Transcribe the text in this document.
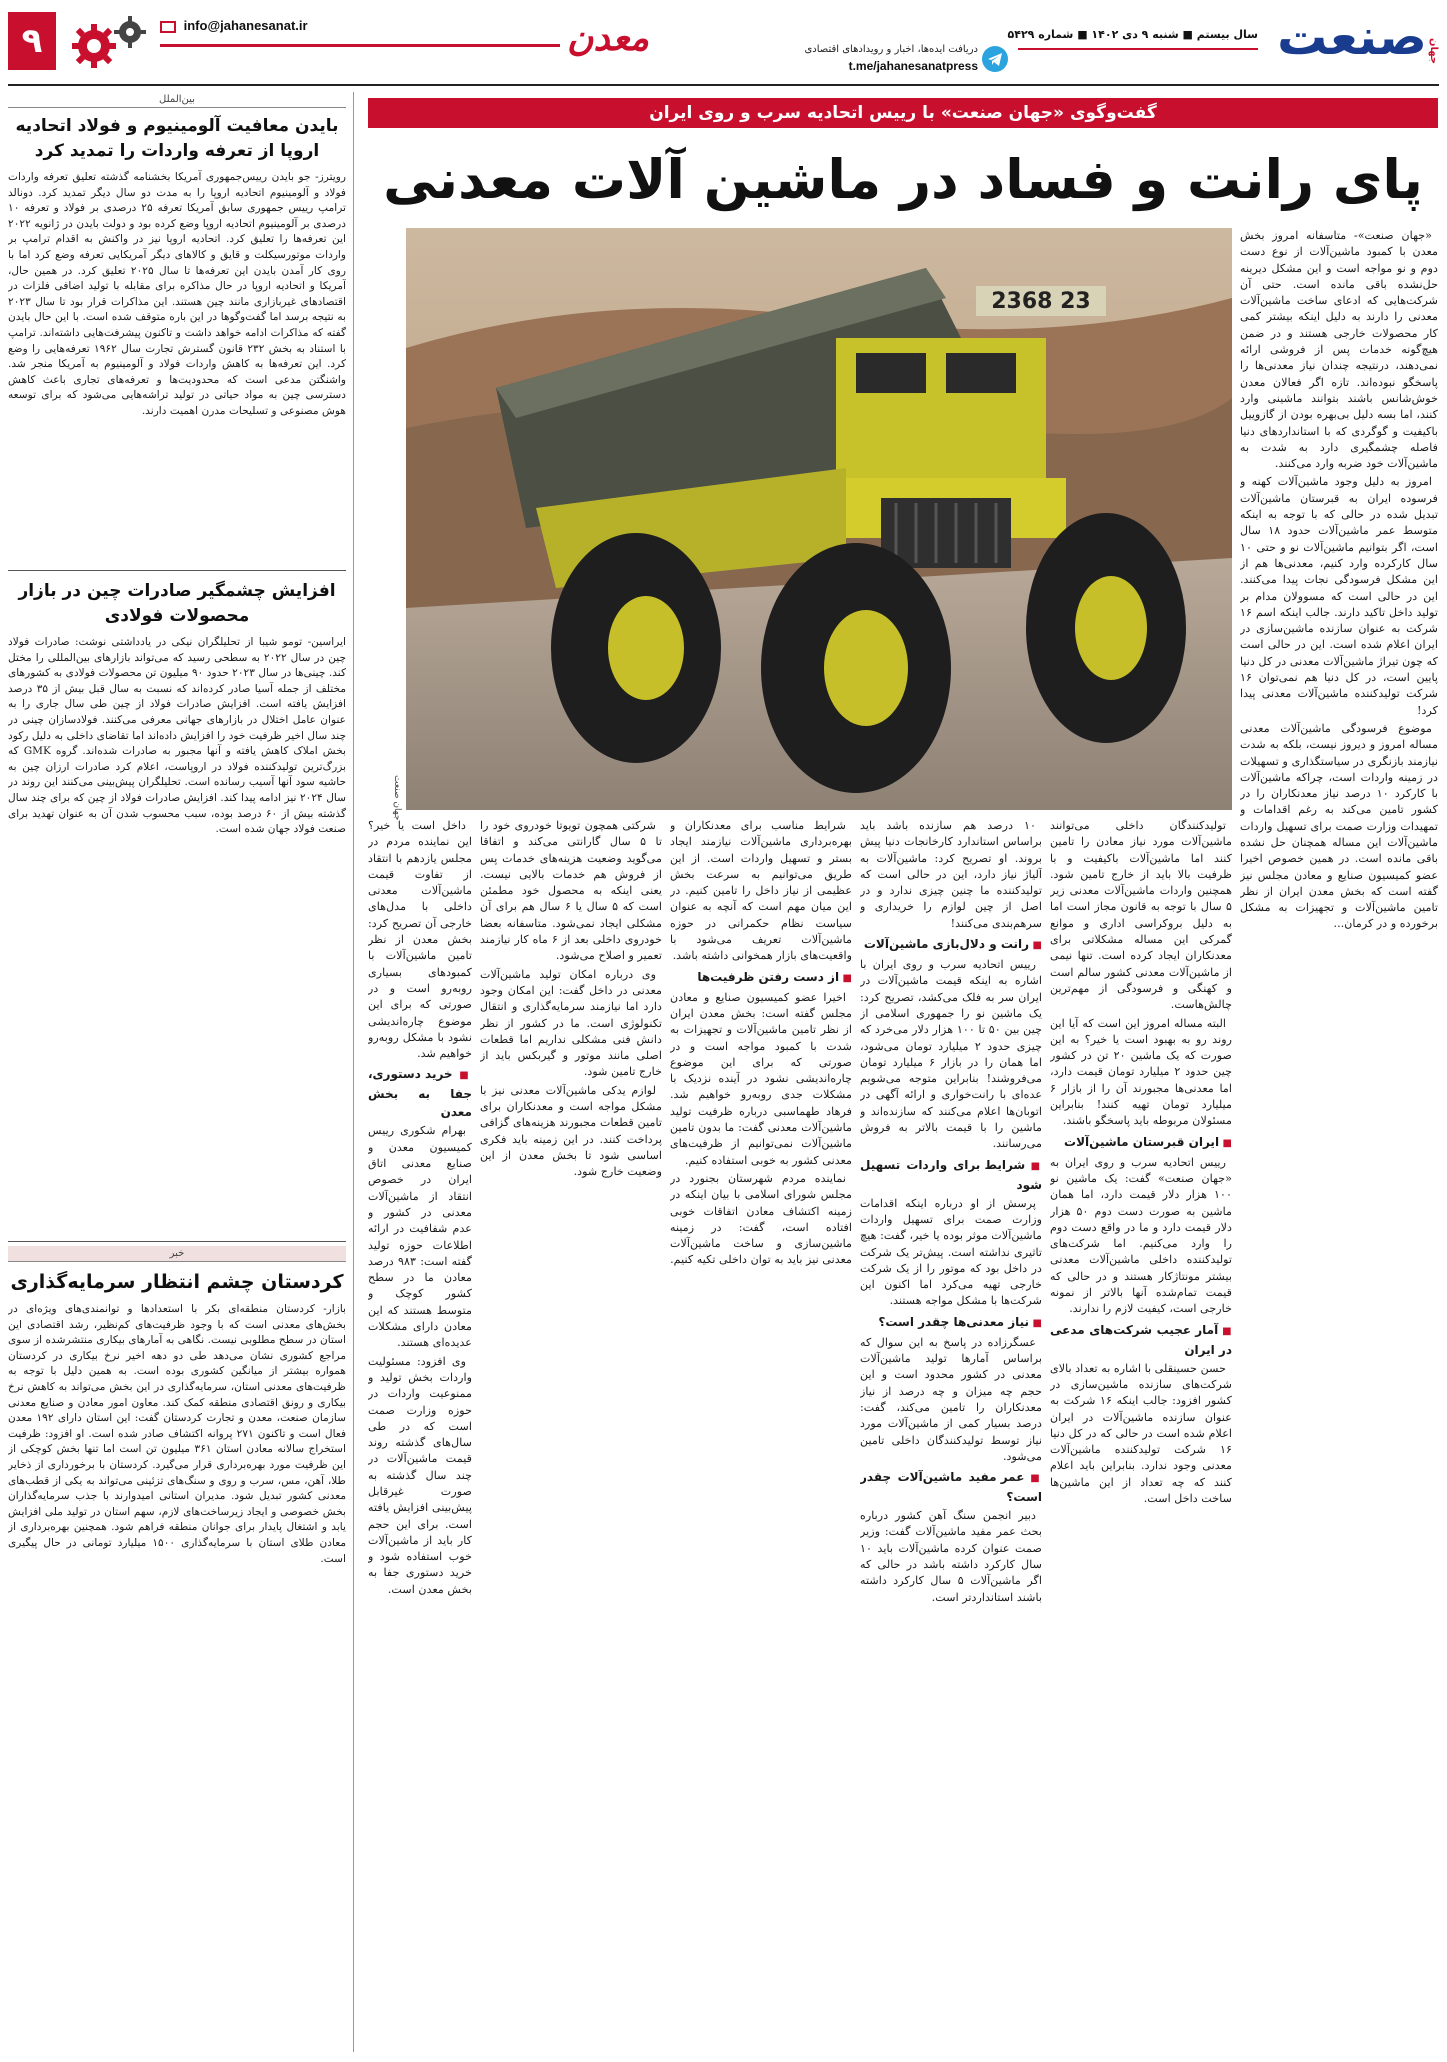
۹	info@jahanesanat.ir	معدن	دریافت ایده‌ها، اخبار و رویدادهای اقتصادی
t.me/jahanesanatpress
سال بیستم ■ شنبه ۹ دی ۱۴۰۲ ■ شماره ۵۴۲۹ صنعت جهان
بین‌الملل
بایدن معافیت آلومینیوم و فولاد اتحادیه اروپا از تعرفه واردات را تمدید کرد

رویترز- جو بایدن رییس‌جمهوری آمریکا بخشنامه گذشته تعلیق تعرفه واردات فولاد و آلومینیوم اتحادیه اروپا را به مدت دو سال دیگر تمدید کرد. دونالد ترامپ رییس جمهوری سابق آمریکا تعرفه ۲۵ درصدی بر فولاد و تعرفه ۱۰ درصدی بر آلومینیوم اتحادیه اروپا وضع کرده بود و دولت بایدن در ژانویه ۲۰۲۲ این تعرفه‌ها را تعلیق کرد. اتحادیه اروپا نیز در واکنش به اقدام ترامپ بر واردات موتورسیکلت و قایق و کالاهای دیگر آمریکایی تعرفه وضع کرد اما با روی کار آمدن بایدن این تعرفه‌ها تا سال ۲۰۲۵ تعلیق کرد. در همین حال، آمریکا و اتحادیه اروپا در حال مذاکره برای مقابله با تولید اضافی فلزات در اقتصادهای غیربازاری مانند چین هستند. این مذاکرات قرار بود تا سال ۲۰۲۳ به نتیجه برسد اما گفت‌وگوها در این باره متوقف شده است. با این حال بایدن گفته که مذاکرات ادامه خواهد داشت و تاکنون پیشرفت‌هایی داشته‌اند. ترامپ با استناد به بخش ۲۳۲ قانون گسترش تجارت سال ۱۹۶۲ تعرفه‌هایی را وضع کرد. این تعرفه‌ها به کاهش واردات فولاد و آلومینیوم به آمریکا منجر شد. واشنگتن مدعی است که محدودیت‌ها و تعرفه‌های تجاری باعث کاهش دسترسی چین به مواد حیاتی در تولید تراشه‌هایی می‌شود که برای توسعه هوش مصنوعی و تسلیحات مدرن اهمیت دارند.

افزایش چشمگیر صادرات چین در بازار محصولات فولادی

ایراسین- تومو شیبا از تحلیلگران نیکی در یادداشتی نوشت: صادرات فولاد چین در سال ۲۰۲۲ به سطحی رسید که می‌تواند بازارهای بین‌المللی را مختل کند. چینی‌ها در سال ۲۰۲۳ حدود ۹۰ میلیون تن محصولات فولادی به کشورهای مختلف از جمله آسیا صادر کرده‌اند که نسبت به سال قبل بیش از ۳۵ درصد افزایش یافته است. افزایش صادرات فولاد از چین طی سال جاری را به عنوان عامل اختلال در بازارهای جهانی معرفی می‌کنند. فولادسازان چینی در چند سال اخیر ظرفیت خود را افزایش داده‌اند اما تقاضای داخلی به دلیل رکود بخش املاک کاهش یافته و آنها مجبور به صادرات شده‌اند. گروه GMK که بزرگ‌ترین تولیدکننده فولاد در اروپاست، اعلام کرد صادرات ارزان چین به حاشیه سود آنها آسیب رسانده است. تحلیلگران پیش‌بینی می‌کنند این روند در سال ۲۰۲۴ نیز ادامه پیدا کند. افزایش صادرات فولاد از چین که برای چند سال گذشته بیش از ۶۰ درصد بوده، سبب محسوب شدن آن به عنوان تهدید برای صنعت فولاد جهان شده است.

خبر
کردستان چشم انتظار سرمایه‌گذاری

بازار- کردستان منطقه‌ای بکر با استعدادها و توانمندی‌های ویژه‌ای در بخش‌های معدنی است که با وجود ظرفیت‌های کم‌نظیر، رشد اقتصادی این استان در سطح مطلوبی نیست. نگاهی به آمارهای بیکاری منتشرشده از سوی مراجع کشوری نشان می‌دهد طی دو دهه اخیر نرخ بیکاری در کردستان همواره بیشتر از میانگین کشوری بوده است. به همین دلیل با توجه به ظرفیت‌های معدنی استان، سرمایه‌گذاری در این بخش می‌تواند به کاهش نرخ بیکاری و رونق اقتصادی منطقه کمک کند. معاون امور معادن و صنایع معدنی سازمان صنعت، معدن و تجارت کردستان گفت: این استان دارای ۱۹۲ معدن فعال است و تاکنون ۲۷۱ پروانه اکتشاف صادر شده است. او افزود: ظرفیت استخراج سالانه معادن استان ۳۶۱ میلیون تن است اما تنها بخش کوچکی از این ظرفیت مورد بهره‌برداری قرار می‌گیرد. کردستان با برخورداری از ذخایر طلا، آهن، مس، سرب و روی و سنگ‌های تزئینی می‌تواند به یکی از قطب‌های معدنی کشور تبدیل شود. مدیران استانی امیدوارند با جذب سرمایه‌گذاران بخش خصوصی و ایجاد زیرساخت‌های لازم، سهم استان در تولید ملی افزایش یابد و اشتغال پایدار برای جوانان منطقه فراهم شود. همچنین بهره‌برداری از معادن طلای استان با سرمایه‌گذاری ۱۵۰۰ میلیارد تومانی در حال پیگیری است.

گفت‌وگوی «جهان صنعت» با رییس اتحادیه سرب و روی ایران
پای رانت و فساد در ماشین آلات معدنی

«جهان صنعت»- متاسفانه امروز بخش معدن با کمبود ماشین‌آلات از نوع دست دوم و نو مواجه است و این مشکل دیرینه حل‌نشده باقی مانده است. حتی آن شرکت‌هایی که ادعای ساخت ماشین‌آلات معدنی را دارند به دلیل اینکه بیشتر کمی کار محصولات خارجی هستند و در ضمن هیچ‌گونه خدمات پس از فروشی ارائه نمی‌دهند، درنتیجه چندان نیاز معدنی‌ها را پاسخگو نبوده‌اند. تازه اگر فعالان معدن خوش‌شانس باشند بتوانند ماشینی وارد کنند، اما بسه دلیل بی‌بهره بودن از گازوییل باکیفیت و گوگردی که با استانداردهای دنیا فاصله چشمگیری دارد به شدت به ماشین‌آلات خود ضربه وارد می‌کنند.

امروز به دلیل وجود ماشین‌آلات کهنه و فرسوده ایران به قبرستان ماشین‌آلات تبدیل شده در حالی که با توجه به اینکه متوسط عمر ماشین‌آلات حدود ۱۸ سال است، اگر بتوانیم ماشین‌آلات نو و حتی ۱۰ سال کارکرده وارد کنیم، معدنی‌ها هم از این مشکل فرسودگی نجات پیدا می‌کنند. این در حالی است که مسوولان مدام بر تولید داخل تاکید دارند. جالب اینکه اسم ۱۶ شرکت به عنوان سازنده ماشین‌سازی در ایران اعلام شده است. این در حالی است که چون تیراژ ماشین‌آلات معدنی در کل دنیا پایین است، در کل دنیا هم نمی‌توان ۱۶ شرکت تولیدکننده ماشین‌آلات معدنی پیدا کرد!

موضوع فرسودگی ماشین‌آلات معدنی مساله امروز و دیروز نیست، بلکه به شدت نیازمند بازنگری در سیاستگذاری و تسهیلات در زمینه واردات است، چراکه ماشین‌آلات با کارکرد ۱۰ درصد نیاز معدنکاران را در کشور تامین می‌کند به رغم اقدامات و تمهیدات وزارت صمت برای تسهیل واردات ماشین‌آلات این مساله همچنان حل نشده باقی مانده است. در همین خصوص اخیرا عضو کمیسیون صنایع و معادن مجلس نیز گفته است که بخش معدن ایران از نظر تامین ماشین‌آلات و تجهیزات به مشکل برخورده و در کرمان...

2368 23
جهان صنعت

تولیدکنندگان داخلی می‌توانند ماشین‌آلات مورد نیاز معادن را تامین کنند اما ماشین‌آلات باکیفیت و با ظرفیت بالا باید از خارج تامین شود. همچنین واردات ماشین‌آلات معدنی زیر ۵ سال با توجه به قانون مجاز است اما به دلیل بروکراسی اداری و موانع گمرکی این مساله مشکلاتی برای معدنکاران ایجاد کرده است. تنها نیمی از ماشین‌آلات معدنی کشور سالم است و کهنگی و فرسودگی از مهم‌ترین چالش‌هاست.

البته مساله امروز این است که آیا این روند رو به بهبود است یا خیر؟ به این صورت که یک ماشین ۲۰ تن در کشور چین حدود ۲ میلیارد تومان قیمت دارد، اما معدنی‌ها مجبورند آن را از بازار ۶ میلیارد تومان تهیه کنند! بنابراین مسئولان مربوطه باید پاسخگو باشند.

■ ایران قبرستان ماشین‌آلات

رییس اتحادیه سرب و روی ایران به «جهان صنعت» گفت: یک ماشین نو ۱۰۰ هزار دلار قیمت دارد، اما همان ماشین به صورت دست دوم ۵۰ هزار دلار قیمت دارد و ما در واقع دست دوم را وارد می‌کنیم. اما شرکت‌های تولیدکننده داخلی ماشین‌آلات معدنی بیشتر مونتاژکار هستند و در حالی که قیمت تمام‌شده آنها بالاتر از نمونه خارجی است، کیفیت لازم را ندارند.

■ آمار عجیب شرکت‌های مدعی در ایران

حسن حسینقلی با اشاره به تعداد بالای شرکت‌های سازنده ماشین‌سازی در کشور افزود: جالب اینکه ۱۶ شرکت به عنوان سازنده ماشین‌آلات در ایران اعلام شده است در حالی که در کل دنیا ۱۶ شرکت تولیدکننده ماشین‌آلات معدنی وجود ندارد. بنابراین باید اعلام کنند که چه تعداد از این ماشین‌ها ساخت داخل است.

۱۰ درصد هم سازنده باشد باید براساس استاندارد کارخانجات دنیا پیش بروند. او تصریح کرد: ماشین‌آلات به آلیاژ نیاز دارد، این در حالی است که تولیدکننده ما چنین چیزی ندارد و در اصل از چین لوازم را خریداری و سرهم‌بندی می‌کنند!

■ رانت و دلال‌بازی ماشین‌آلات

رییس اتحادیه سرب و روی ایران با اشاره به اینکه قیمت ماشین‌آلات در ایران سر به فلک می‌کشد، تصریح کرد: یک ماشین نو را جمهوری اسلامی از چین بین ۵۰ تا ۱۰۰ هزار دلار می‌خرد که چیزی حدود ۲ میلیارد تومان می‌شود، اما همان را در بازار ۶ میلیارد تومان می‌فروشند! بنابراین متوجه می‌شویم عده‌ای با رانت‌خواری و ارائه آگهی در اتوبان‌ها اعلام می‌کنند که سازنده‌اند و ماشین را با قیمت بالاتر به فروش می‌رسانند.

■ شرایط برای واردات تسهیل شود

پرسش از او درباره اینکه اقدامات وزارت صمت برای تسهیل واردات ماشین‌آلات موثر بوده یا خیر، گفت: هیچ تاثیری نداشته است. پیش‌تر یک شرکت در داخل بود که موتور را از یک شرکت خارجی تهیه می‌کرد اما اکنون این شرکت‌ها با مشکل مواجه هستند.

■ نیاز معدنی‌ها چقدر است؟

عسگرزاده در پاسخ به این سوال که براساس آمارها تولید ماشین‌آلات معدنی در کشور محدود است و این حجم چه میزان و چه درصد از نیاز معدنکاران را تامین می‌کند، گفت: درصد بسیار کمی از ماشین‌آلات مورد نیاز توسط تولیدکنندگان داخلی تامین می‌شود.

■ عمر مفید ماشین‌آلات چقدر است؟

دبیر انجمن سنگ آهن کشور درباره بحث عمر مفید ماشین‌آلات گفت: وزیر صمت عنوان کرده ماشین‌آلات باید ۱۰ سال کارکرد داشته باشد در حالی که اگر ماشین‌آلات ۵ سال کارکرد داشته باشند استانداردتر است.

شرایط مناسب برای معدنکاران و بهره‌برداری ماشین‌آلات نیازمند ایجاد بستر و تسهیل واردات است. از این طریق می‌توانیم به سرعت بخش عظیمی از نیاز داخل را تامین کنیم. در این میان مهم است که آنچه به عنوان سیاست نظام حکمرانی در حوزه ماشین‌آلات تعریف می‌شود با واقعیت‌های بازار همخوانی داشته باشد.

■ از دست رفتن ظرفیت‌ها

اخیرا عضو کمیسیون صنایع و معادن مجلس گفته است: بخش معدن ایران از نظر تامین ماشین‌آلات و تجهیزات به شدت با کمبود مواجه است و در صورتی که برای این موضوع چاره‌اندیشی نشود در آینده نزدیک با مشکلات جدی روبه‌رو خواهیم شد. فرهاد طهماسبی درباره ظرفیت تولید ماشین‌آلات معدنی گفت: ما بدون تامین ماشین‌آلات نمی‌توانیم از ظرفیت‌های معدنی کشور به خوبی استفاده کنیم.

نماینده مردم شهرستان بجنورد در مجلس شورای اسلامی با بیان اینکه در زمینه اکتشاف معادن اتفاقات خوبی افتاده است، گفت: در زمینه ماشین‌سازی و ساخت ماشین‌آلات معدنی نیز باید به توان داخلی تکیه کنیم.

شرکتی همچون تویوتا خودروی خود را تا ۵ سال گارانتی می‌کند و اتفاقا می‌گوید وضعیت هزینه‌های خدمات پس از فروش هم خدمات بالایی نیست. یعنی اینکه به محصول خود مطمئن است که ۵ سال یا ۶ سال هم برای آن مشکلی ایجاد نمی‌شود. متاسفانه بعضا خودروی داخلی بعد از ۶ ماه کار نیازمند تعمیر و اصلاح می‌شود.

وی درباره امکان تولید ماشین‌آلات معدنی در داخل گفت: این امکان وجود دارد اما نیازمند سرمایه‌گذاری و انتقال تکنولوژی است. ما در کشور از نظر دانش فنی مشکلی نداریم اما قطعات اصلی مانند موتور و گیربکس باید از خارج تامین شود.

لوازم یدکی ماشین‌آلات معدنی نیز با مشکل مواجه است و معدنکاران برای تامین قطعات مجبورند هزینه‌های گزافی پرداخت کنند. در این زمینه باید فکری اساسی شود تا بخش معدن از این وضعیت خارج شود.

داخل است یا خیر؟ این نماینده مردم در مجلس یازدهم با انتقاد از تفاوت قیمت ماشین‌آلات معدنی داخلی با مدل‌های خارجی آن تصریح کرد: بخش معدن از نظر تامین ماشین‌آلات با کمبودهای بسیاری روبه‌رو است و در صورتی که برای این موضوع چاره‌اندیشی نشود با مشکل روبه‌رو خواهیم شد.

■ خرید دستوری، جفا به بخش معدن

بهرام شکوری رییس کمیسیون معدن و صنایع معدنی اتاق ایران در خصوص انتقاد از ماشین‌آلات معدنی در کشور و عدم شفافیت در ارائه اطلاعات حوزه تولید گفته است: ۹۸۳ درصد معادن ما در سطح کشور کوچک و متوسط هستند که این معادن دارای مشکلات عدیده‌ای هستند.

وی افزود: مسئولیت واردات بخش تولید و ممنوعیت واردات در حوزه وزارت صمت است که در طی سال‌های گذشته روند قیمت ماشین‌آلات در چند سال گذشته به صورت غیرقابل پیش‌بینی افزایش یافته است. برای این حجم کار باید از ماشین‌آلات خوب استفاده شود و خرید دستوری جفا به بخش معدن است.
